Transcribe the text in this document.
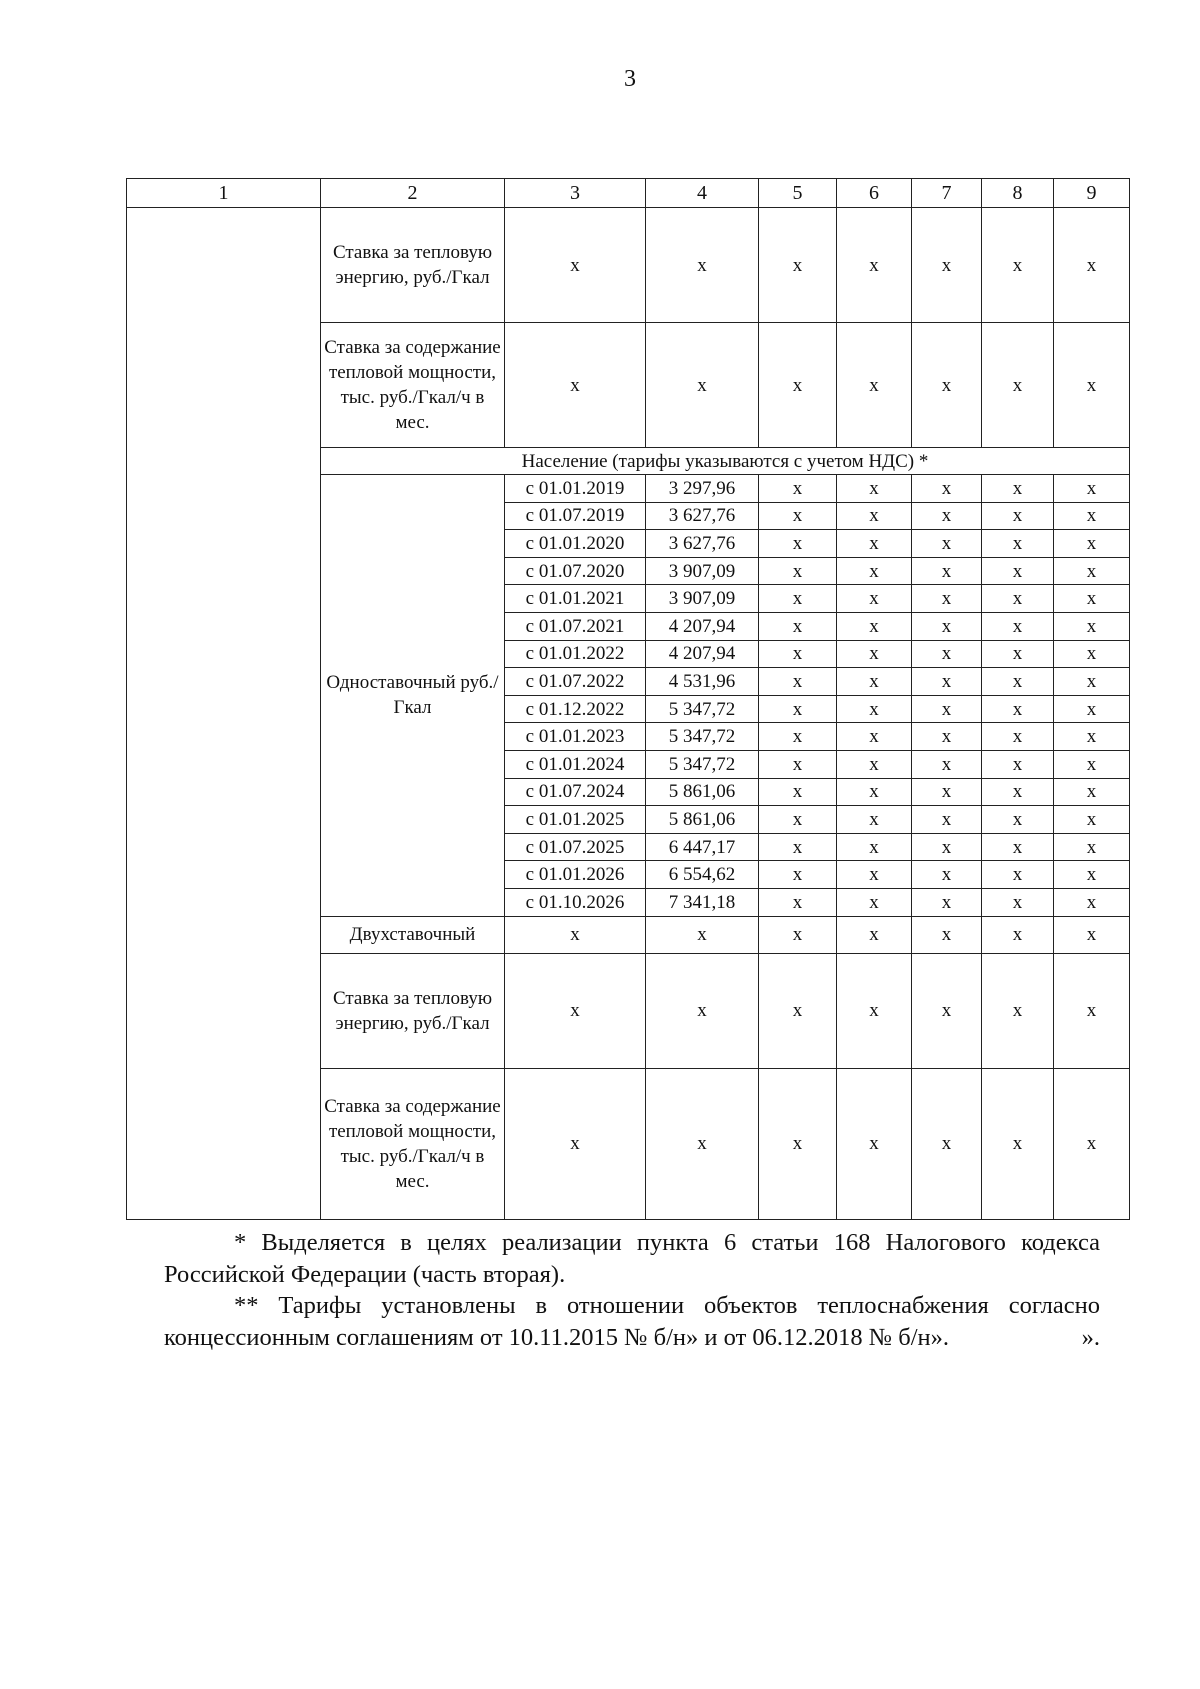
3
1	2	3	4	5	6	7	8	9
	Ставка за тепловую энергию, руб./Гкал	x	x	x	x	x	x	x
	Ставка за содержание тепловой мощности, тыс. руб./Гкал/ч в мес.	x	x	x	x	x	x	x
	Население (тарифы указываются с учетом НДС) *							
	Одноставочный руб./Гкал	с 01.01.2019	3 297,96	x	x	x	x	x
		с 01.07.2019	3 627,76	x	x	x	x	x
		с 01.01.2020	3 627,76	x	x	x	x	x
		с 01.07.2020	3 907,09	x	x	x	x	x
		с 01.01.2021	3 907,09	x	x	x	x	x
		с 01.07.2021	4 207,94	x	x	x	x	x
		с 01.01.2022	4 207,94	x	x	x	x	x
		с 01.07.2022	4 531,96	x	x	x	x	x
		с 01.12.2022	5 347,72	x	x	x	x	x
		с 01.01.2023	5 347,72	x	x	x	x	x
		с 01.01.2024	5 347,72	x	x	x	x	x
		с 01.07.2024	5 861,06	x	x	x	x	x
		с 01.01.2025	5 861,06	x	x	x	x	x
		с 01.07.2025	6 447,17	x	x	x	x	x
		с 01.01.2026	6 554,62	x	x	x	x	x
		с 01.10.2026	7 341,18	x	x	x	x	x
	Двухставочный	x	x	x	x	x	x	x
	Ставка за тепловую энергию, руб./Гкал	x	x	x	x	x	x	x
	Ставка за содержание тепловой мощности, тыс. руб./Гкал/ч в мес.	x	x	x	x	x	x	x

* Выделяется в целях реализации пункта 6 статьи 168 Налогового кодекса Российской Федерации (часть вторая).

** Тарифы установлены в отношении объектов теплоснабжения согласно концессионным соглашениям от 10.11.2015 № б/н» и от 06.12.2018 № б/н».	».
